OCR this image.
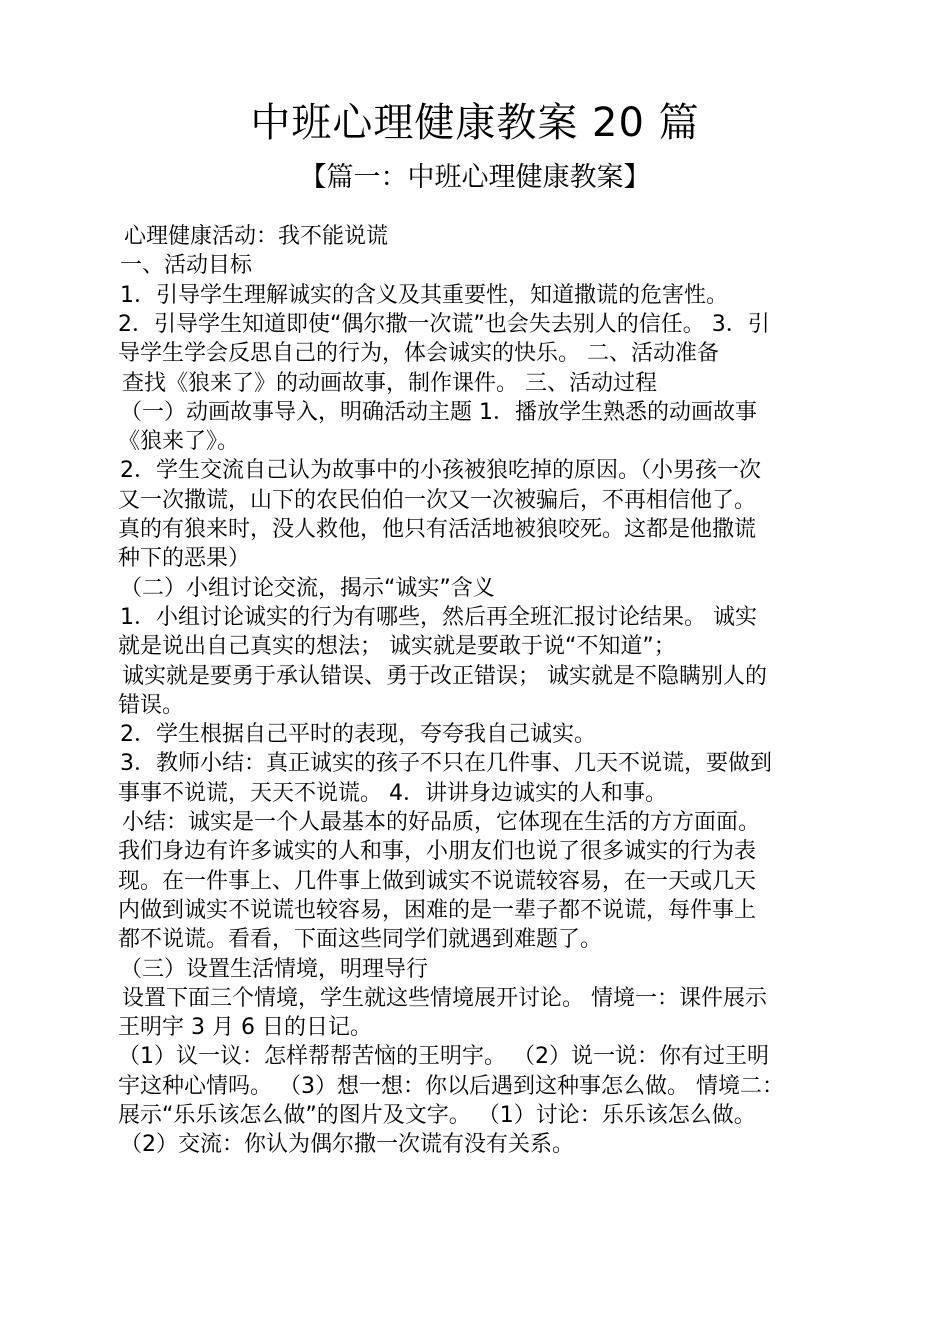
中班心理健康教案 20 篇
【篇一：中班心理健康教案】
心理健康活动：我不能说谎
一、活动目标
1．引导学生理解诚实的含义及其重要性，知道撒谎的危害性。
2．引导学生知道即使“偶尔撒一次谎”也会失去别人的信任。 3．引
导学生学会反思自己的行为，体会诚实的快乐。 二、活动准备
查找《狼来了》的动画故事，制作课件。 三、活动过程
（一）动画故事导入，明确活动主题 1．播放学生熟悉的动画故事
《狼来了》。
2．学生交流自己认为故事中的小孩被狼吃掉的原因。（小男孩一次
又一次撒谎，山下的农民伯伯一次又一次被骗后，不再相信他了。
真的有狼来时，没人救他，他只有活活地被狼咬死。这都是他撒谎
种下的恶果）
（二）小组讨论交流，揭示“诚实”含义
1．小组讨论诚实的行为有哪些，然后再全班汇报讨论结果。 诚实
就是说出自己真实的想法； 诚实就是要敢于说“不知道”；
诚实就是要勇于承认错误、勇于改正错误； 诚实就是不隐瞒别人的
错误。
2．学生根据自己平时的表现，夸夸我自己诚实。
3．教师小结：真正诚实的孩子不只在几件事、几天不说谎，要做到
事事不说谎，天天不说谎。 4．讲讲身边诚实的人和事。
小结：诚实是一个人最基本的好品质，它体现在生活的方方面面。
我们身边有许多诚实的人和事，小朋友们也说了很多诚实的行为表
现。在一件事上、几件事上做到诚实不说谎较容易，在一天或几天
内做到诚实不说谎也较容易，困难的是一辈子都不说谎，每件事上
都不说谎。看看，下面这些同学们就遇到难题了。
（三）设置生活情境，明理导行
设置下面三个情境，学生就这些情境展开讨论。 情境一：课件展示
王明宇 3 月 6 日的日记。
（1）议一议：怎样帮帮苦恼的王明宇。 （2）说一说：你有过王明
宇这种心情吗。 （3）想一想：你以后遇到这种事怎么做。 情境二：
展示“乐乐该怎么做”的图片及文字。 （1）讨论：乐乐该怎么做。
（2）交流：你认为偶尔撒一次谎有没有关系。
